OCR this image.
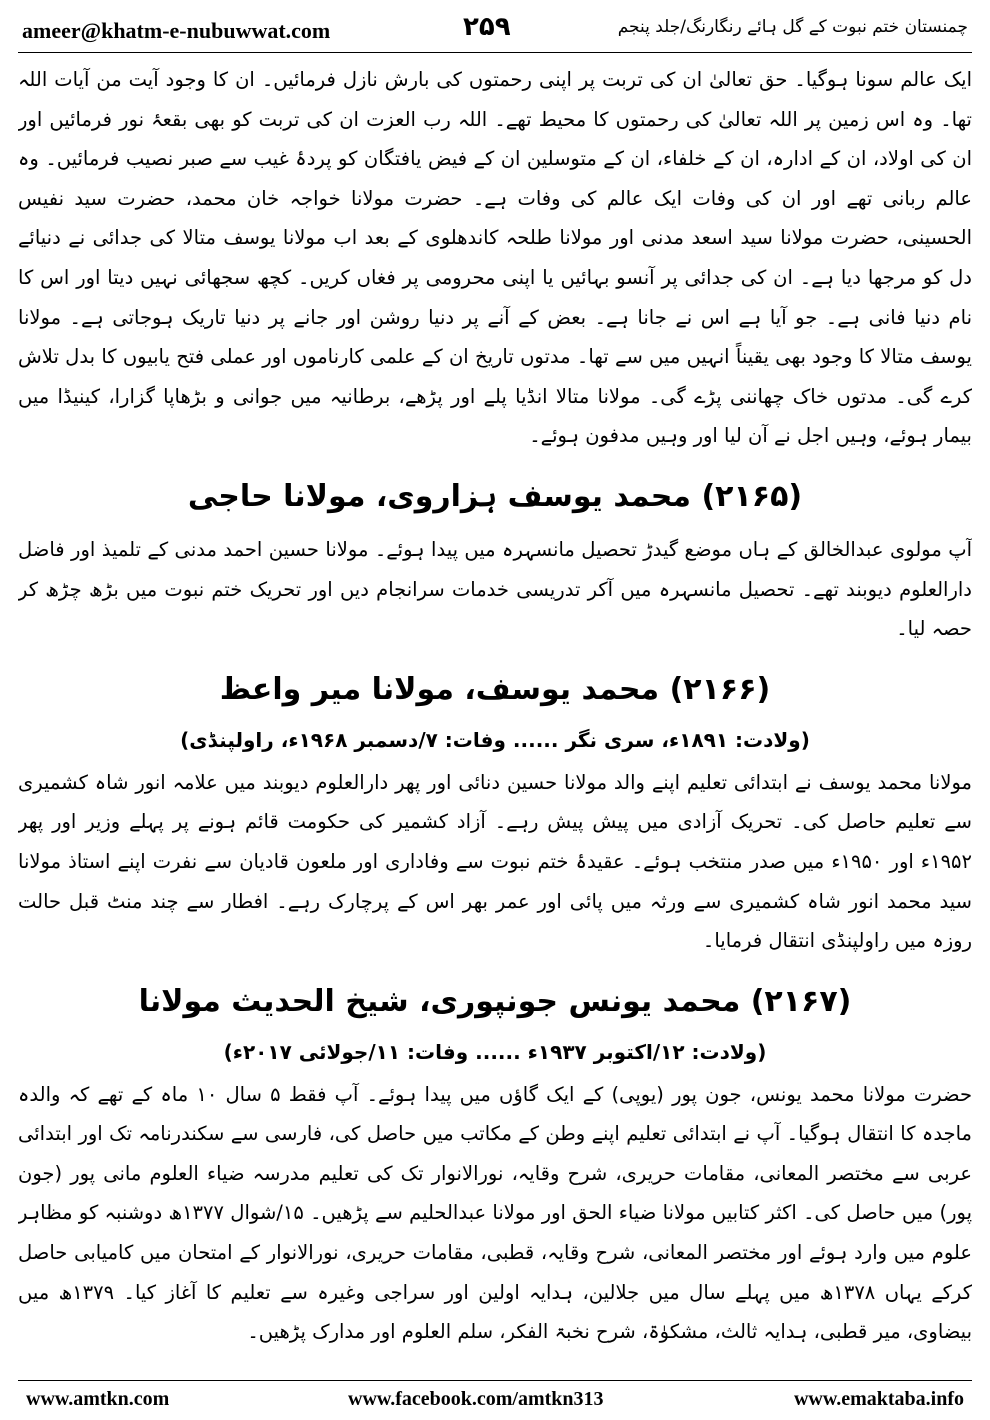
ameer@khatm-e-nubuwwat.com	۲۵۹	چمنستان ختم نبوت کے گل ہائے رنگارنگ/جلد پنجم

ایک عالم سونا ہوگیا۔ حق تعالیٰ ان کی تربت پر اپنی رحمتوں کی بارش نازل فرمائیں۔ ان کا وجود آیت من آیات اللہ تھا۔ وہ اس زمین پر اللہ تعالیٰ کی رحمتوں کا محیط تھے۔ اللہ رب العزت ان کی تربت کو بھی بقعۂ نور فرمائیں اور ان کی اولاد، ان کے ادارہ، ان کے خلفاء، ان کے متوسلین ان کے فیض یافتگان کو پردۂ غیب سے صبر نصیب فرمائیں۔ وہ عالم ربانی تھے اور ان کی وفات ایک عالم کی وفات ہے۔ حضرت مولانا خواجہ خان محمد، حضرت سید نفیس الحسینی، حضرت مولانا سید اسعد مدنی اور مولانا طلحہ کاندھلوی کے بعد اب مولانا یوسف متالا کی جدائی نے دنیائے دل کو مرجھا دیا ہے۔ ان کی جدائی پر آنسو بہائیں یا اپنی محرومی پر فغاں کریں۔ کچھ سجھائی نہیں دیتا اور اس کا نام دنیا فانی ہے۔ جو آیا ہے اس نے جانا ہے۔ بعض کے آنے پر دنیا روشن اور جانے پر دنیا تاریک ہوجاتی ہے۔ مولانا یوسف متالا کا وجود بھی یقیناً انہیں میں سے تھا۔ مدتوں تاریخ ان کے علمی کارناموں اور عملی فتح یابیوں کا بدل تلاش کرے گی۔ مدتوں خاک چھاننی پڑے گی۔ مولانا متالا انڈیا پلے اور پڑھے، برطانیہ میں جوانی و بڑھاپا گزارا، کینیڈا میں بیمار ہوئے، وہیں اجل نے آن لیا اور وہیں مدفون ہوئے۔

(۲۱۶۵) محمد یوسف ہزاروی، مولانا حاجی

آپ مولوی عبدالخالق کے ہاں موضع گیدڑ تحصیل مانسہرہ میں پیدا ہوئے۔ مولانا حسین احمد مدنی کے تلمیذ اور فاضل دارالعلوم دیوبند تھے۔ تحصیل مانسہرہ میں آکر تدریسی خدمات سرانجام دیں اور تحریک ختم نبوت میں بڑھ چڑھ کر حصہ لیا۔

(۲۱۶۶) محمد یوسف، مولانا میر واعظ
(ولادت: ۱۸۹۱ء، سری نگر ...... وفات: ۷/دسمبر ۱۹۶۸ء، راولپنڈی)

مولانا محمد یوسف نے ابتدائی تعلیم اپنے والد مولانا حسین دنائی اور پھر دارالعلوم دیوبند میں علامہ انور شاہ کشمیری سے تعلیم حاصل کی۔ تحریک آزادی میں پیش پیش رہے۔ آزاد کشمیر کی حکومت قائم ہونے پر پہلے وزیر اور پھر ۱۹۵۲ء اور ۱۹۵۰ء میں صدر منتخب ہوئے۔ عقیدۂ ختم نبوت سے وفاداری اور ملعون قادیان سے نفرت اپنے استاذ مولانا سید محمد انور شاہ کشمیری سے ورثہ میں پائی اور عمر بھر اس کے پرچارک رہے۔ افطار سے چند منٹ قبل حالت روزہ میں راولپنڈی انتقال فرمایا۔

(۲۱۶۷) محمد یونس جونپوری، شیخ الحدیث مولانا
(ولادت: ۱۲/اکتوبر ۱۹۳۷ء ...... وفات: ۱۱/جولائی ۲۰۱۷ء)

حضرت مولانا محمد یونس، جون پور (یوپی) کے ایک گاؤں میں پیدا ہوئے۔ آپ فقط ۵ سال ۱۰ ماہ کے تھے کہ والدہ ماجدہ کا انتقال ہوگیا۔ آپ نے ابتدائی تعلیم اپنے وطن کے مکاتب میں حاصل کی، فارسی سے سکندرنامہ تک اور ابتدائی عربی سے مختصر المعانی، مقامات حریری، شرح وقایہ، نورالانوار تک کی تعلیم مدرسہ ضیاء العلوم مانی پور (جون پور) میں حاصل کی۔ اکثر کتابیں مولانا ضیاء الحق اور مولانا عبدالحلیم سے پڑھیں۔ ۱۵/شوال ۱۳۷۷ھ دوشنبہ کو مظاہر علوم میں وارد ہوئے اور مختصر المعانی، شرح وقایہ، قطبی، مقامات حریری، نورالانوار کے امتحان میں کامیابی حاصل کرکے یہاں ۱۳۷۸ھ میں پہلے سال میں جلالین، ہدایہ اولین اور سراجی وغیرہ سے تعلیم کا آغاز کیا۔ ۱۳۷۹ھ میں بیضاوی، میر قطبی، ہدایہ ثالث، مشکوٰۃ، شرح نخبۃ الفکر، سلم العلوم اور مدارک پڑھیں۔

www.amtkn.com	www.facebook.com/amtkn313	www.emaktaba.info
